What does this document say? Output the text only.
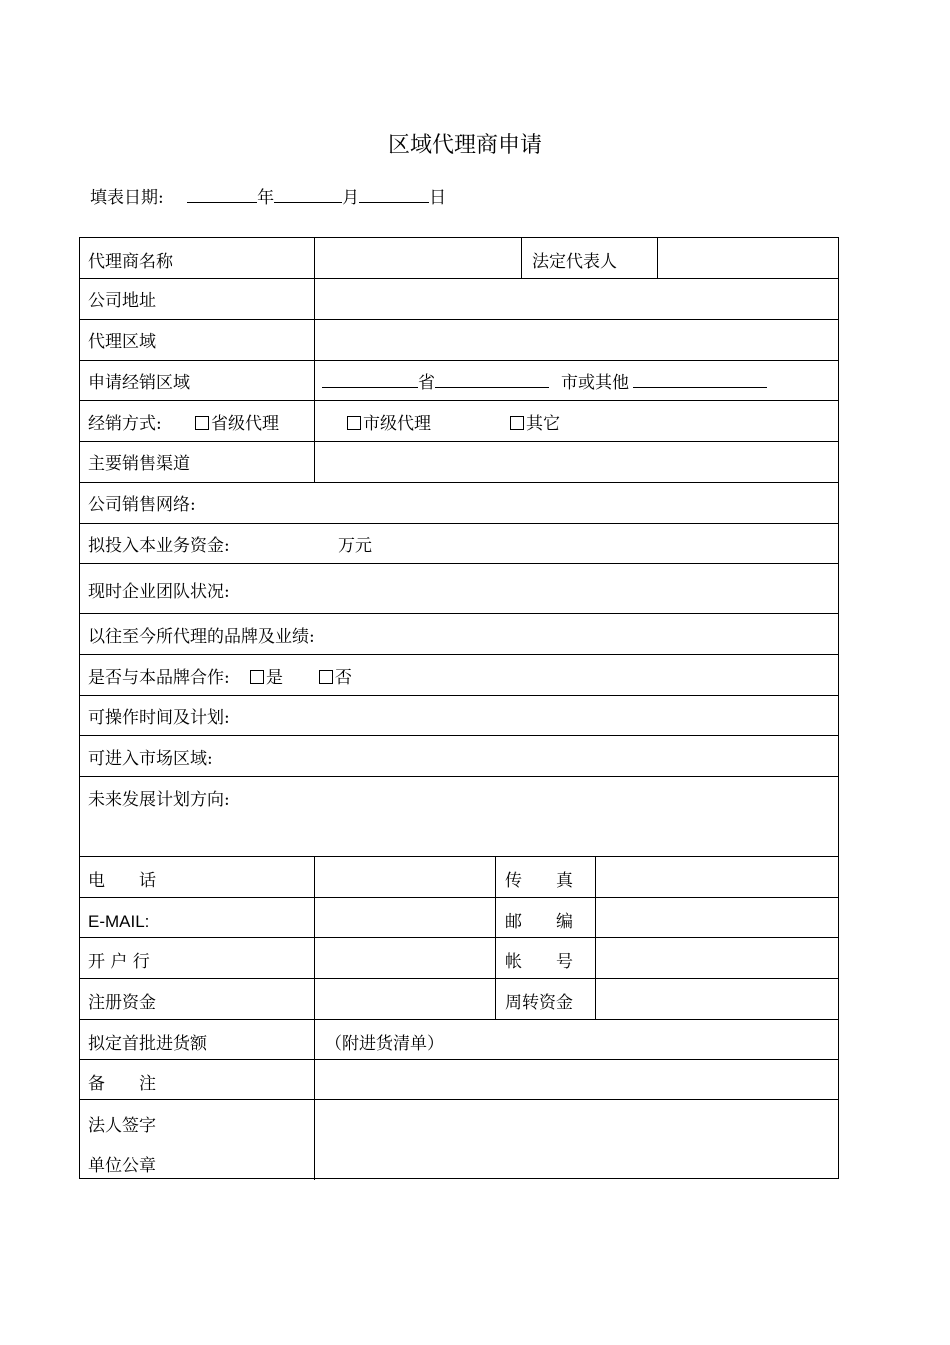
区域代理商申请
填表日期:	年	月	日
代理商名称	法定代表人
公司地址
代理区域
申请经销区域	省	市或其他
经销方式:	省级代理	市级代理	其它
主要销售渠道
公司销售网络:
拟投入本业务资金:	万元
现时企业团队状况:
以往至今所代理的品牌及业绩:
是否与本品牌合作:	是	否
可操作时间及计划:
可进入市场区域:
未来发展计划方向:
电　　话	传　　真
E-MAIL:	邮　　编
开 户 行	帐　　号
注册资金	周转资金
拟定首批进货额	（附进货清单）
备　　注
法人签字
单位公章
